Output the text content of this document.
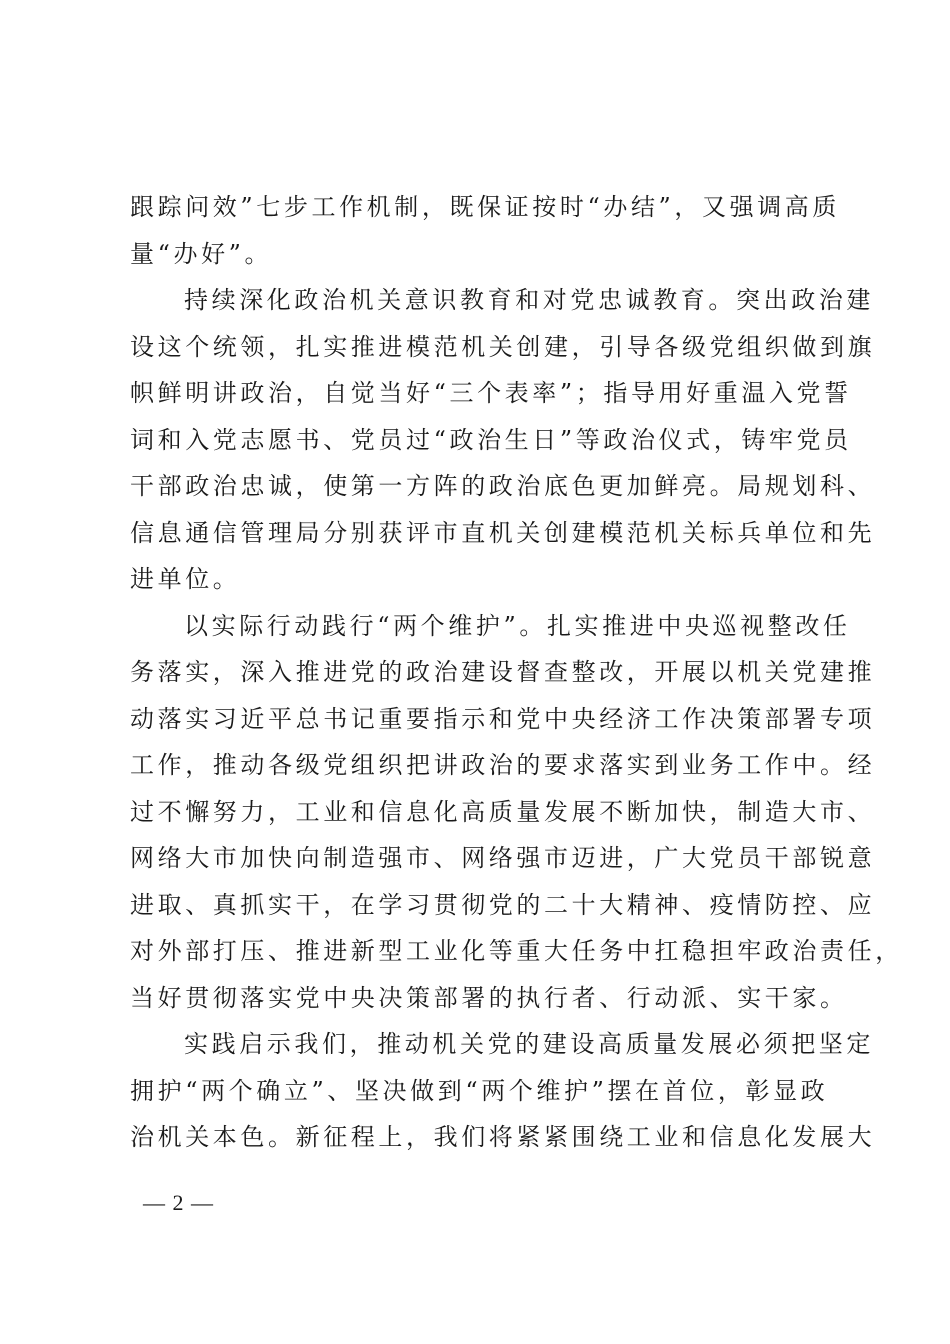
跟踪问效”七步工作机制，既保证按时“办结”，又强调高质
量“办好”。

持续深化政治机关意识教育和对党忠诚教育。突出政治建
设这个统领，扎实推进模范机关创建，引导各级党组织做到旗
帜鲜明讲政治，自觉当好“三个表率”；指导用好重温入党誓
词和入党志愿书、党员过“政治生日”等政治仪式，铸牢党员
干部政治忠诚，使第一方阵的政治底色更加鲜亮。局规划科、
信息通信管理局分别获评市直机关创建模范机关标兵单位和先
进单位。

以实际行动践行“两个维护”。扎实推进中央巡视整改任
务落实，深入推进党的政治建设督查整改，开展以机关党建推
动落实习近平总书记重要指示和党中央经济工作决策部署专项
工作，推动各级党组织把讲政治的要求落实到业务工作中。经
过不懈努力，工业和信息化高质量发展不断加快，制造大市、
网络大市加快向制造强市、网络强市迈进，广大党员干部锐意
进取、真抓实干，在学习贯彻党的二十大精神、疫情防控、应
对外部打压、推进新型工业化等重大任务中扛稳担牢政治责任，
当好贯彻落实党中央决策部署的执行者、行动派、实干家。

实践启示我们，推动机关党的建设高质量发展必须把坚定
拥护“两个确立”、坚决做到“两个维护”摆在首位，彰显政
治机关本色。新征程上，我们将紧紧围绕工业和信息化发展大

— 2 —
